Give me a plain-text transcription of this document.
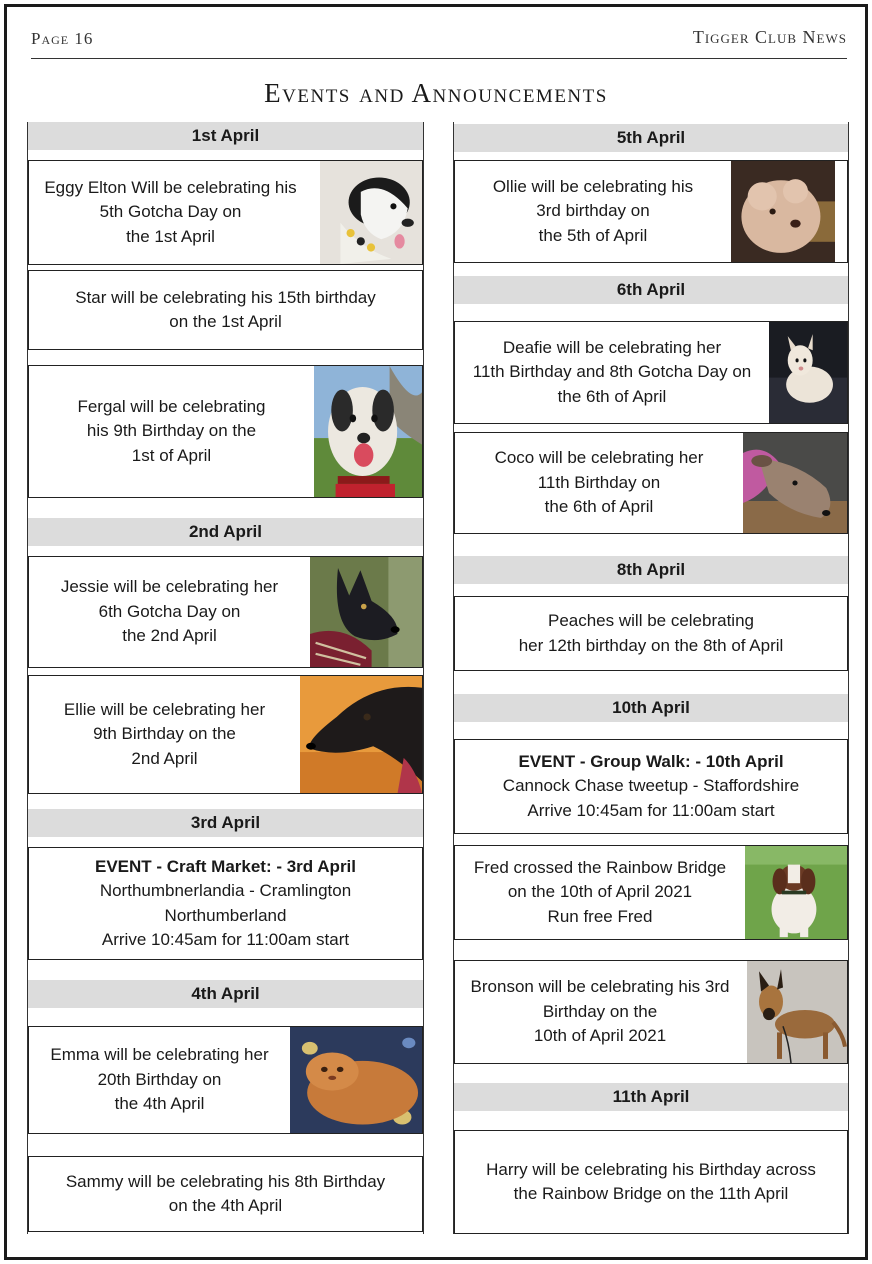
Page 16	Tigger Club News
Events and Announcements
1st April
Eggy Elton Will be celebrating his
5th Gotcha Day on
the 1st April
Star will be celebrating his 15th birthday
on the 1st April
Fergal will be celebrating
his 9th Birthday on the
1st of April
2nd April
Jessie will be celebrating her
6th Gotcha Day on
the 2nd April
Ellie will be celebrating her
9th Birthday on the
2nd April
3rd April
EVENT - Craft Market: - 3rd April
Northumbnerlandia - Cramlington
Northumberland
Arrive 10:45am for 11:00am start
4th April
Emma will be celebrating her
20th Birthday on
the 4th April
Sammy will be celebrating his 8th Birthday
on the 4th April
5th April
Ollie will be celebrating his
3rd birthday on
the 5th of April
6th April
Deafie will be celebrating her
11th Birthday and 8th Gotcha Day on
the 6th of April
Coco will be celebrating her
11th Birthday on
the 6th of April
8th April
Peaches will be celebrating
her 12th birthday on the 8th of April
10th April
EVENT - Group Walk: - 10th April
Cannock Chase tweetup - Staffordshire
Arrive 10:45am for 11:00am start
Fred crossed the Rainbow Bridge
on the 10th of April 2021
Run free Fred
Bronson will be celebrating his 3rd
Birthday on the
10th of April 2021
11th April
Harry will be celebrating his Birthday across
the Rainbow Bridge on the 11th April
